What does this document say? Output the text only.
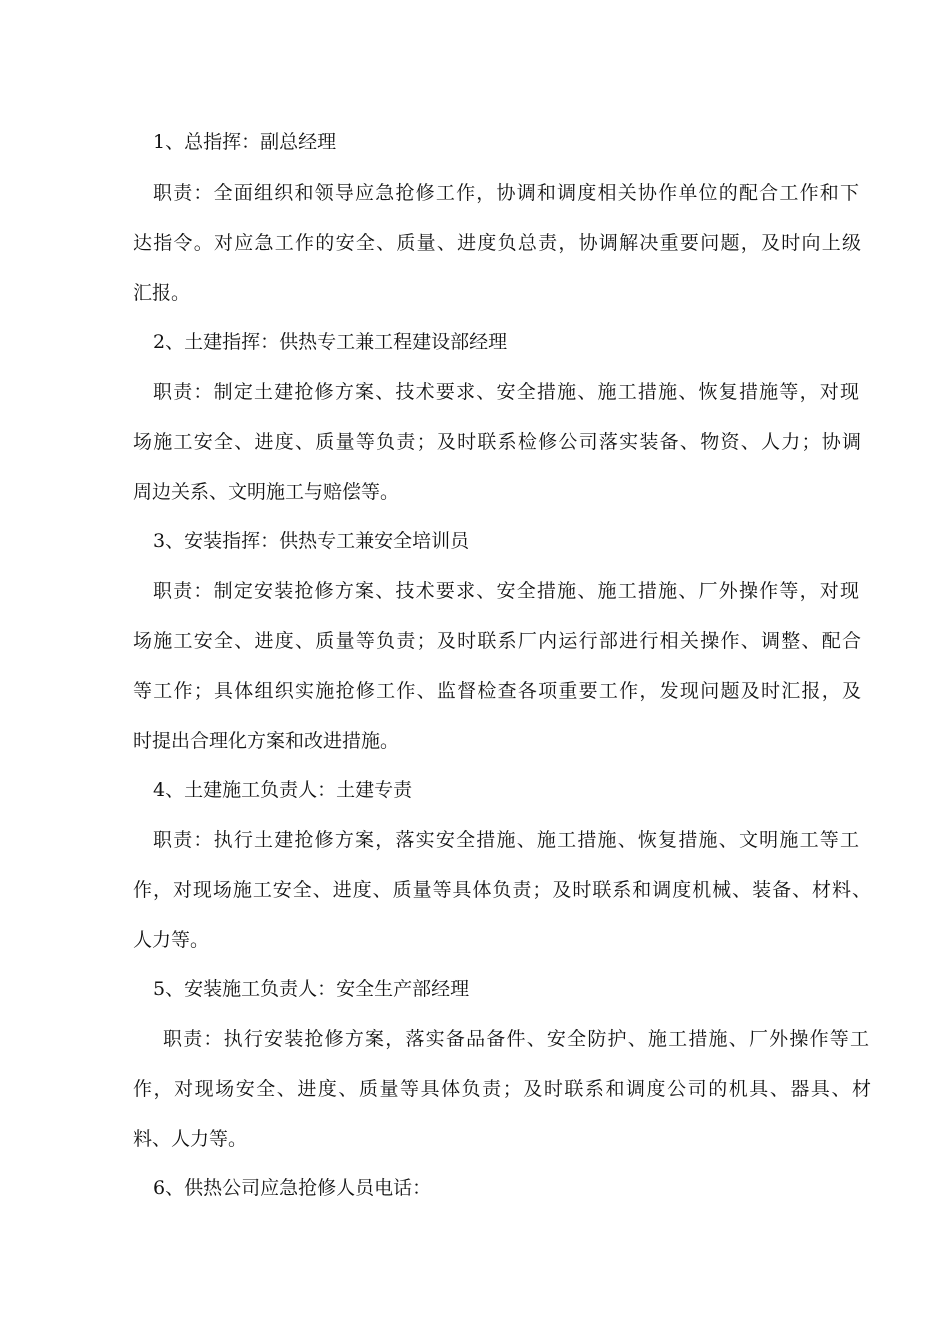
1、总指挥：副总经理
职责：全面组织和领导应急抢修工作，协调和调度相关协作单位的配合工作和下
达指令。对应急工作的安全、质量、进度负总责，协调解决重要问题，及时向上级
汇报。
2、土建指挥：供热专工兼工程建设部经理
职责：制定土建抢修方案、技术要求、安全措施、施工措施、恢复措施等，对现
场施工安全、进度、质量等负责；及时联系检修公司落实装备、物资、人力；协调
周边关系、文明施工与赔偿等。
3、安装指挥：供热专工兼安全培训员
职责：制定安装抢修方案、技术要求、安全措施、施工措施、厂外操作等，对现
场施工安全、进度、质量等负责；及时联系厂内运行部进行相关操作、调整、配合
等工作；具体组织实施抢修工作、监督检查各项重要工作，发现问题及时汇报，及
时提出合理化方案和改进措施。
4、土建施工负责人：土建专责
职责：执行土建抢修方案，落实安全措施、施工措施、恢复措施、文明施工等工
作，对现场施工安全、进度、质量等具体负责；及时联系和调度机械、装备、材料、
人力等。
5、安装施工负责人：安全生产部经理
职责：执行安装抢修方案，落实备品备件、安全防护、施工措施、厂外操作等工
作，对现场安全、进度、质量等具体负责；及时联系和调度公司的机具、器具、材
料、人力等。
6、供热公司应急抢修人员电话：
